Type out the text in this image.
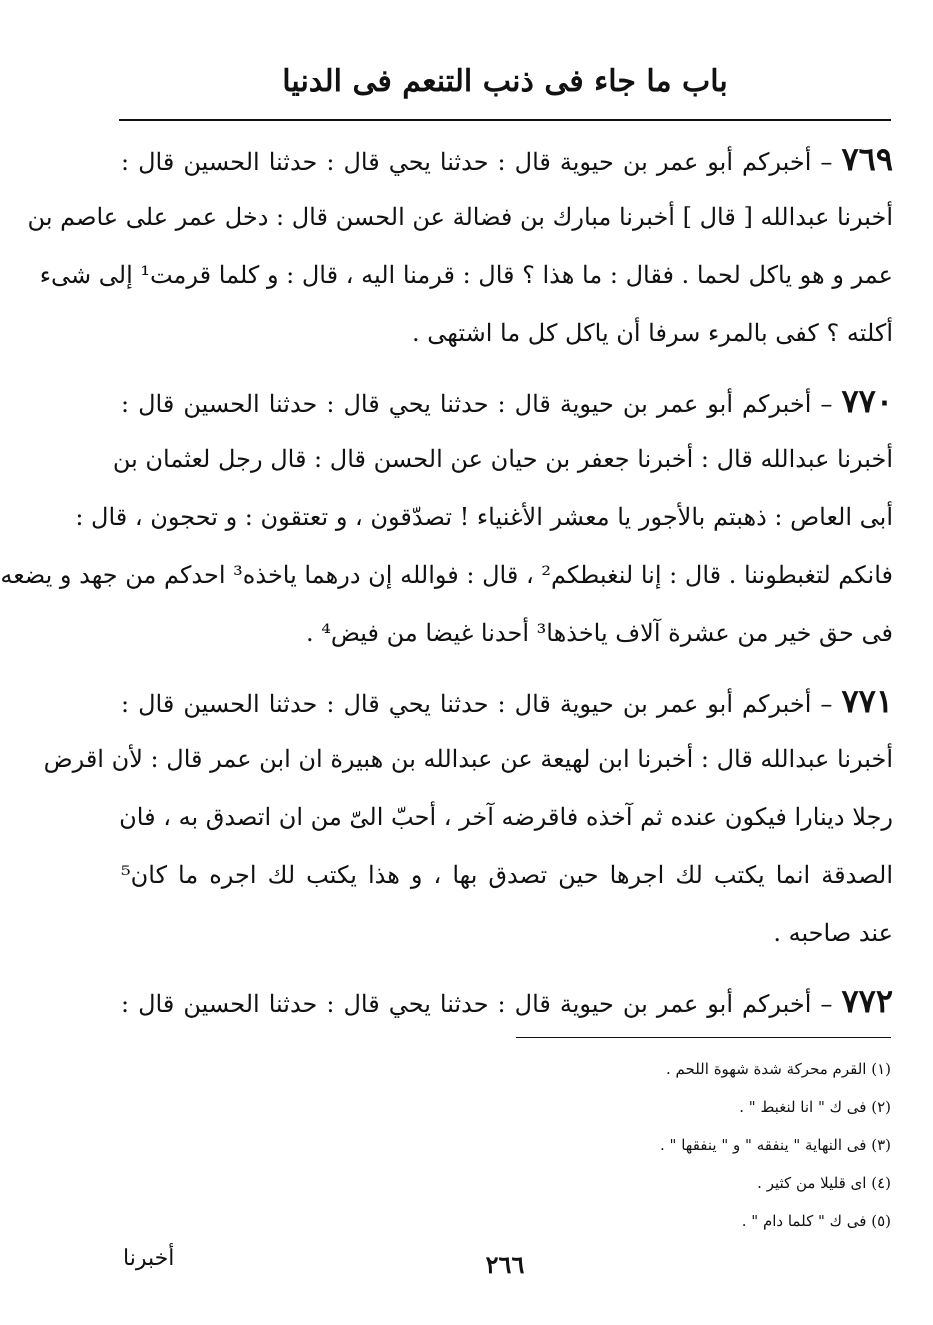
باب ما جاء فى ذنب التنعم فى الدنيا
٧٦٩ – أخبركم أبو عمر بن حيوية قال : حدثنا يحي قال : حدثنا الحسين قال :
أخبرنا عبدالله [ قال ] أخبرنا مبارك بن فضالة عن الحسن قال : دخل عمر على عاصم بن
عمر و هو ياكل لحما . فقال : ما هذا ؟ قال : قرمنا اليه ، قال : و كلما قرمت¹ إلى شىء
أكلته ؟ كفى بالمرء سرفا أن ياكل كل ما اشتهى .
٧٧٠ – أخبركم أبو عمر بن حيوية قال : حدثنا يحي قال : حدثنا الحسين قال :
أخبرنا عبدالله قال : أخبرنا جعفر بن حيان عن الحسن قال : قال رجل لعثمان بن
أبى العاص : ذهبتم بالأجور يا معشر الأغنياء ! تصدّقون ، و تعتقون : و تحجون ، قال :
فانكم لتغبطوننا . قال : إنا لنغبطكم² ، قال : فوالله إن درهما ياخذه³ احدكم من جهد و يضعه
فى حق خير من عشرة آلاف ياخذها³ أحدنا غيضا من فيض⁴ .
٧٧١ – أخبركم أبو عمر بن حيوية قال : حدثنا يحي قال : حدثنا الحسين قال :
أخبرنا عبدالله قال : أخبرنا ابن لهيعة عن عبدالله بن هبيرة ان ابن عمر قال : لأن اقرض
رجلا دينارا فيكون عنده ثم آخذه فاقرضه آخر ، أحبّ الىّ من ان اتصدق به ، فان
الصدقة انما يكتب لك اجرها حين تصدق بها ، و هذا يكتب لك اجره ما كان⁵
عند صاحبه .
٧٧٢ – أخبركم أبو عمر بن حيوية قال : حدثنا يحي قال : حدثنا الحسين قال :
(١) القرم محركة شدة شهوة اللحم .
(٢) فى ك " انا لنغبط " .
(٣) فى النهاية " ينفقه " و " ينفقها " .
(٤) اى قليلا من كثير .
(٥) فى ك " كلما دام " .
٢٦٦
أخبرنا
